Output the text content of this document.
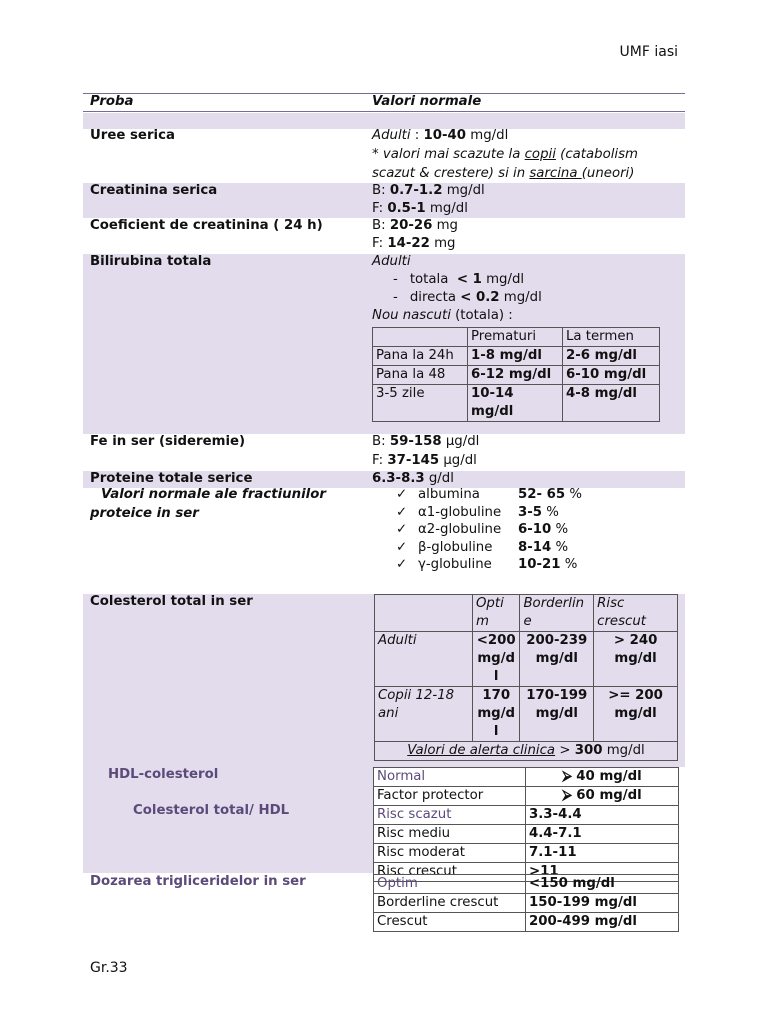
UMF iasi
Gr.33
Proba	Valori normale
Uree serica	Adulti : 10-40 mg/dl
* valori mai scazute la copii (catabolism
scazut & crestere) si in sarcina (uneori)
Creatinina serica	B: 0.7-1.2 mg/dl
F: 0.5-1 mg/dl
Coeficient de creatinina ( 24 h)	B: 20-26 mg
F: 14-22 mg
Bilirubina totala	Adulti
- totala < 1 mg/dl
- directa < 0.2 mg/dl
Nou nascuti (totala) :
	Prematuri	La termen
Pana la 24h	1-8 mg/dl	2-6 mg/dl
Pana la 48	6-12 mg/dl	6-10 mg/dl
3-5 zile	10-14 mg/dl	4-8 mg/dl
Fe in ser (sideremie)	B: 59-158 µg/dl
F: 37-145 µg/dl
Proteine totale serice	6.3-8.3 g/dl
Valori normale ale fractiunilor
proteice in ser
✓ albumina	52- 65 %
✓ α1-globuline 3-5 %
✓ α2-globuline 6-10 %
✓ β-globuline 8-14 %
✓ γ-globuline 10-21 %
Colesterol total in ser
		Optim	Borderline	Risc crescut
Adulti	<200 mg/dl	200-239 mg/dl	> 240 mg/dl
Copii 12-18 ani	170 mg/dl	170-199 mg/dl	>= 200 mg/dl
Valori de alerta clinica > 300 mg/dl			
HDL-colesterol
Colesterol total/ HDL
Normal	⮚ 40 mg/dl
Factor protector	⮚ 60 mg/dl
Risc scazut	3.3-4.4
Risc mediu	4.4-7.1
Risc moderat	7.1-11
Risc crescut	>11
Dozarea trigliceridelor in ser	Optim	<150 mg/dl
Borderline crescut	150-199 mg/dl
Crescut	200-499 mg/dl
